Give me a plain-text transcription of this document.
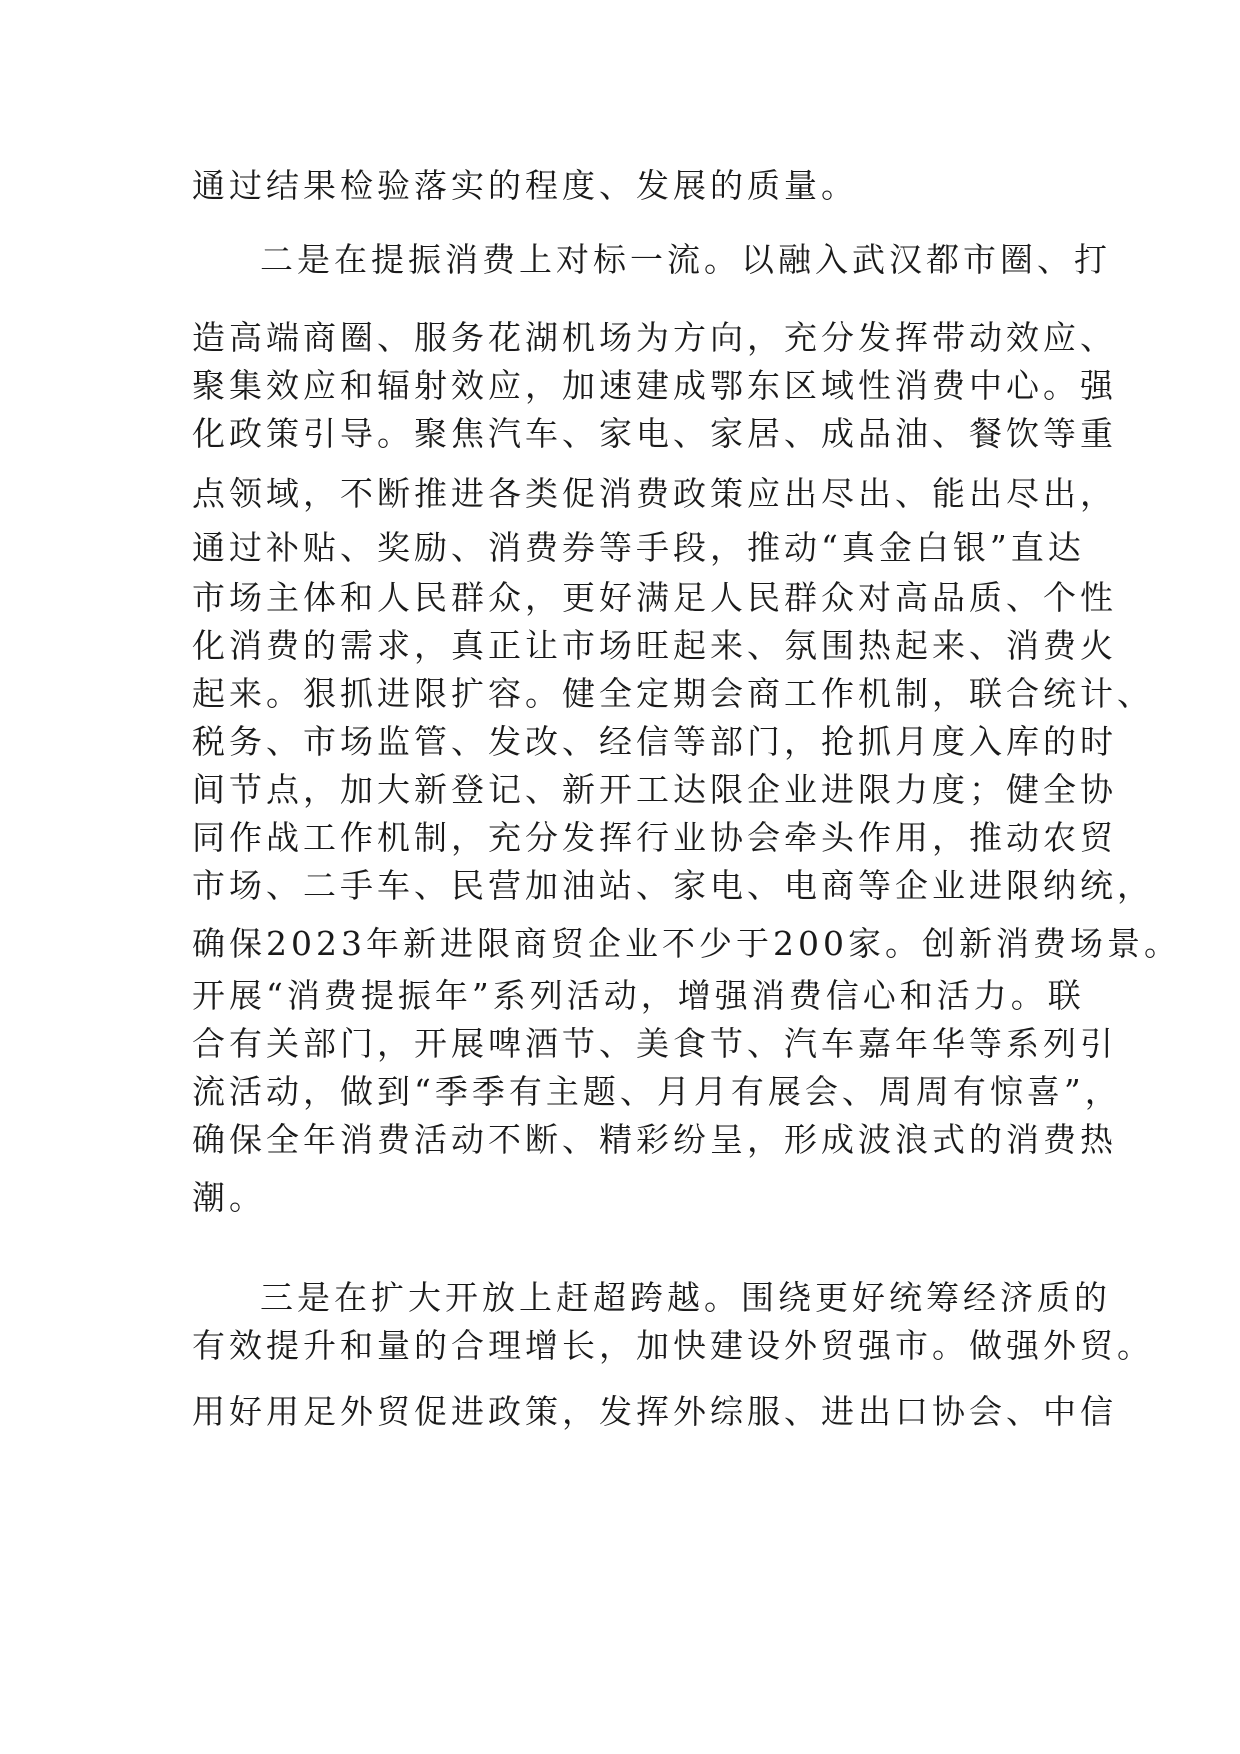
通过结果检验落实的程度、发展的质量。
二是在提振消费上对标一流。以融入武汉都市圈、打
造高端商圈、服务花湖机场为方向，充分发挥带动效应、
聚集效应和辐射效应，加速建成鄂东区域性消费中心。强
化政策引导。聚焦汽车、家电、家居、成品油、餐饮等重
点领域，不断推进各类促消费政策应出尽出、能出尽出，
通过补贴、奖励、消费券等手段，推动“真金白银”直达
市场主体和人民群众，更好满足人民群众对高品质、个性
化消费的需求，真正让市场旺起来、氛围热起来、消费火
起来。狠抓进限扩容。健全定期会商工作机制，联合统计、
税务、市场监管、发改、经信等部门，抢抓月度入库的时
间节点，加大新登记、新开工达限企业进限力度；健全协
同作战工作机制，充分发挥行业协会牵头作用，推动农贸
市场、二手车、民营加油站、家电、电商等企业进限纳统，
确保2023年新进限商贸企业不少于200家。创新消费场景。
开展“消费提振年”系列活动，增强消费信心和活力。联
合有关部门，开展啤酒节、美食节、汽车嘉年华等系列引
流活动，做到“季季有主题、月月有展会、周周有惊喜”，
确保全年消费活动不断、精彩纷呈，形成波浪式的消费热
潮。
三是在扩大开放上赶超跨越。围绕更好统筹经济质的
有效提升和量的合理增长，加快建设外贸强市。做强外贸。
用好用足外贸促进政策，发挥外综服、进出口协会、中信
